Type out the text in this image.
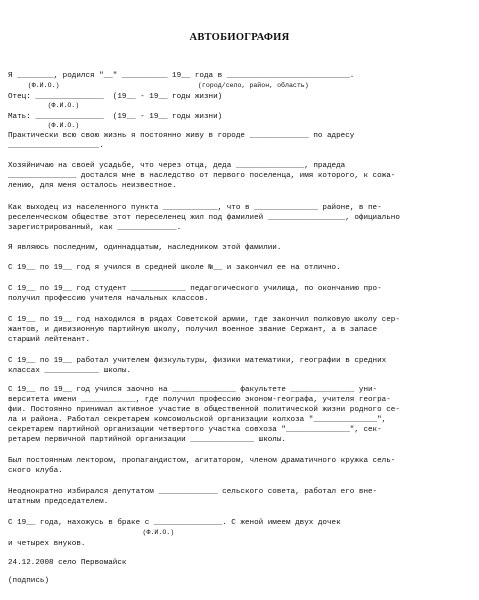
АВТОБИОГРАФИЯ
Я ________, родился "__" __________ 19__ года в ___________________________.
(Ф.И.О.)                                   (город/село, район, область)
Отец: _______________  (19__ - 19__ годы жизни)
(Ф.И.О.)
Мать: _______________  (19__ - 19__ годы жизни)
(Ф.И.О.)
Практически всю свою жизнь я постоянно живу в городе _____________ по адресу
____________________.
Хозяйничаю на своей усадьбе, что через отца, деда _______________, прадеда
_______________ достался мне в наследство от первого поселенца, имя которого, к сожа-
лению, для меня осталось неизвестное.
Как выходец из населенного пункта ____________, что в ______________ районе, в пе-
реселенческом обществе этот переселенец жил под фамилией _________________, официально
зарегистрированный, как _____________.
Я являюсь последним, одиннадцатым, наследником этой фамилии.
С 19__ по 19__ год я учился в средней школе №__ и закончил ее на отлично.
С 19__ по 19__ год студент ____________ педагогического училища, по окончанию про-
получил профессию учителя начальных классов.
С 19__ по 19__ год находился в рядах Советской армии, где закончил полковую школу сер-
жантов, и дивизионную партийную школу, получил военное звание Сержант, а в запасе
старший лейтенант.
С 19__ по 19__ работал учителем физкультуры, физики математики, географии в средних
классах ____________ школы.
С 19__ по 19__ год учился заочно на ______________ факультете ______________ уни-
верситета имени ____________, где получил профессию эконом-географа, учителя геогра-
фии. Постоянно принимал активное участие в общественной политической жизни родного се-
ла и района. Работал секретарем комсомольской организации колхоза "______________",
секретарем партийной организации четвертого участка совхоза "______________", сек-
ретарем первичной партийной организации ______________ школы.
Был постоянным лектором, пропагандистом, агитатором, членом драматичного кружка сель-
ского клуба.
Неоднократно избирался депутатом _____________ сельского совета, работал его вне-
штатным председателем.
С 19__ года, нахожусь в браке с _______________. С женой имеем двух дочек
(Ф.И.О.)
и четырех внуков.
24.12.2008 село Первомайск
(подпись)
